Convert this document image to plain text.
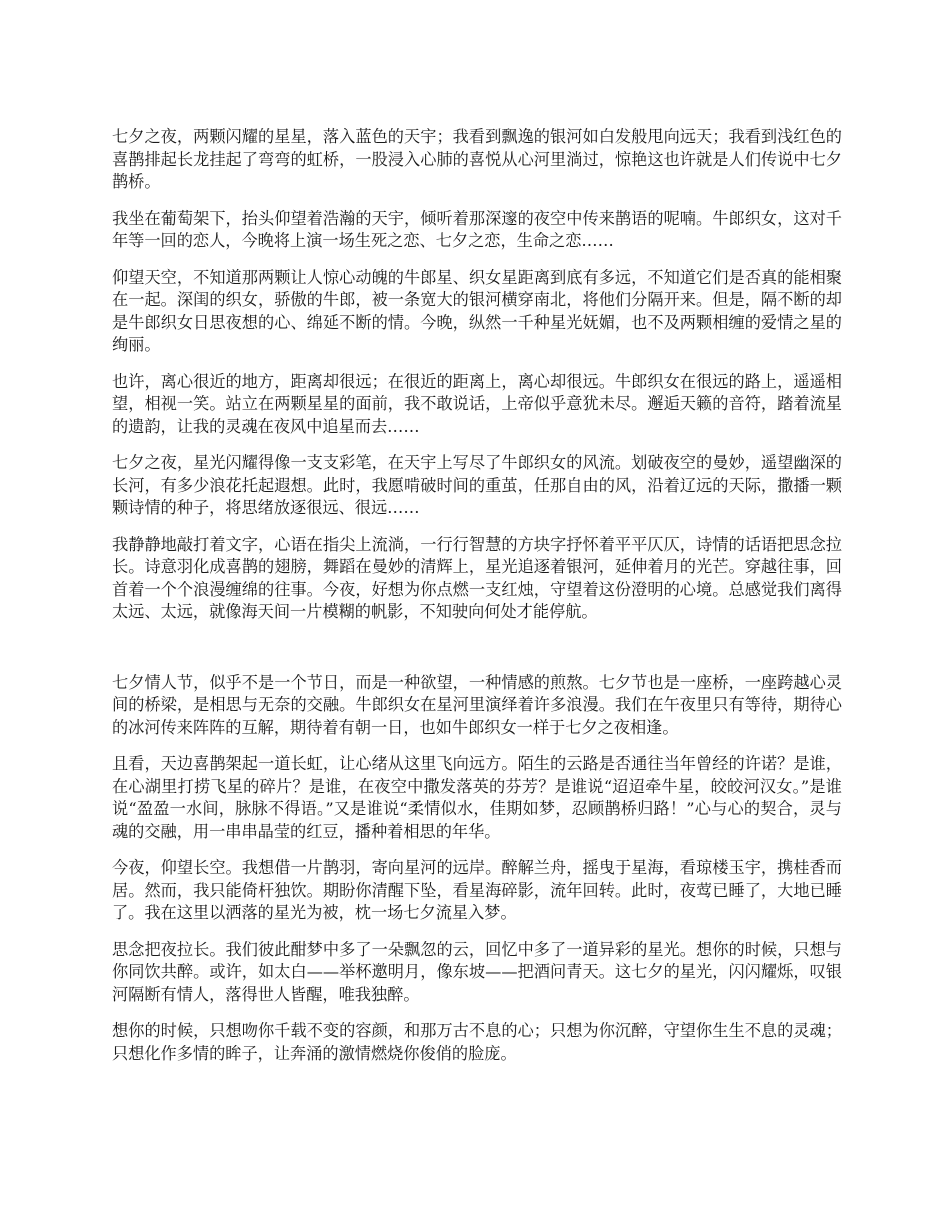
七夕之夜，两颗闪耀的星星，落入蓝色的天宇；我看到飘逸的银河如白发般甩向远天；我看到浅红色的喜鹊排起长龙挂起了弯弯的虹桥，一股浸入心肺的喜悦从心河里淌过，惊艳这也许就是人们传说中七夕鹊桥。

我坐在葡萄架下，抬头仰望着浩瀚的天宇，倾听着那深邃的夜空中传来鹊语的呢喃。牛郎织女，这对千年等一回的恋人，今晚将上演一场生死之恋、七夕之恋，生命之恋……

仰望天空，不知道那两颗让人惊心动魄的牛郎星、织女星距离到底有多远，不知道它们是否真的能相聚在一起。深闺的织女，骄傲的牛郎，被一条宽大的银河横穿南北，将他们分隔开来。但是，隔不断的却是牛郎织女日思夜想的心、绵延不断的情。今晚，纵然一千种星光妩媚，也不及两颗相缠的爱情之星的绚丽。

也许，离心很近的地方，距离却很远；在很近的距离上，离心却很远。牛郎织女在很远的路上，遥遥相望，相视一笑。站立在两颗星星的面前，我不敢说话，上帝似乎意犹未尽。邂逅天籁的音符，踏着流星的遗韵，让我的灵魂在夜风中追星而去……

七夕之夜，星光闪耀得像一支支彩笔，在天宇上写尽了牛郎织女的风流。划破夜空的曼妙，遥望幽深的长河，有多少浪花托起遐想。此时，我愿啃破时间的重茧，任那自由的风，沿着辽远的天际，撒播一颗颗诗情的种子，将思绪放逐很远、很远……

我静静地敲打着文字，心语在指尖上流淌，一行行智慧的方块字抒怀着平平仄仄，诗情的话语把思念拉长。诗意羽化成喜鹊的翅膀，舞蹈在曼妙的清辉上，星光追逐着银河，延伸着月的光芒。穿越往事，回首着一个个浪漫缠绵的往事。今夜，好想为你点燃一支红烛，守望着这份澄明的心境。总感觉我们离得太远、太远，就像海天间一片模糊的帆影，不知驶向何处才能停航。

七夕情人节，似乎不是一个节日，而是一种欲望，一种情感的煎熬。七夕节也是一座桥，一座跨越心灵间的桥梁，是相思与无奈的交融。牛郎织女在星河里演绎着许多浪漫。我们在午夜里只有等待，期待心的冰河传来阵阵的互解，期待着有朝一日，也如牛郎织女一样于七夕之夜相逢。

且看，天边喜鹊架起一道长虹，让心绪从这里飞向远方。陌生的云路是否通往当年曾经的许诺？是谁，在心湖里打捞飞星的碎片？是谁，在夜空中撒发落英的芬芳？是谁说“迢迢牵牛星，皎皎河汉女。”是谁说“盈盈一水间，脉脉不得语。”又是谁说“柔情似水，佳期如梦，忍顾鹊桥归路！”心与心的契合，灵与魂的交融，用一串串晶莹的红豆，播种着相思的年华。

今夜，仰望长空。我想借一片鹊羽，寄向星河的远岸。醉解兰舟，摇曳于星海，看琼楼玉宇，携桂香而居。然而，我只能倚杆独饮。期盼你清醒下坠，看星海碎影，流年回转。此时，夜莺已睡了，大地已睡了。我在这里以洒落的星光为被，枕一场七夕流星入梦。

思念把夜拉长。我们彼此酣梦中多了一朵飘忽的云，回忆中多了一道异彩的星光。想你的时候，只想与你同饮共醉。或许，如太白——举杯邀明月，像东坡——把酒问青天。这七夕的星光，闪闪耀烁，叹银河隔断有情人，落得世人皆醒，唯我独醉。

想你的时候，只想吻你千载不变的容颜，和那万古不息的心；只想为你沉醉，守望你生生不息的灵魂；只想化作多情的眸子，让奔涌的激情燃烧你俊俏的脸庞。
